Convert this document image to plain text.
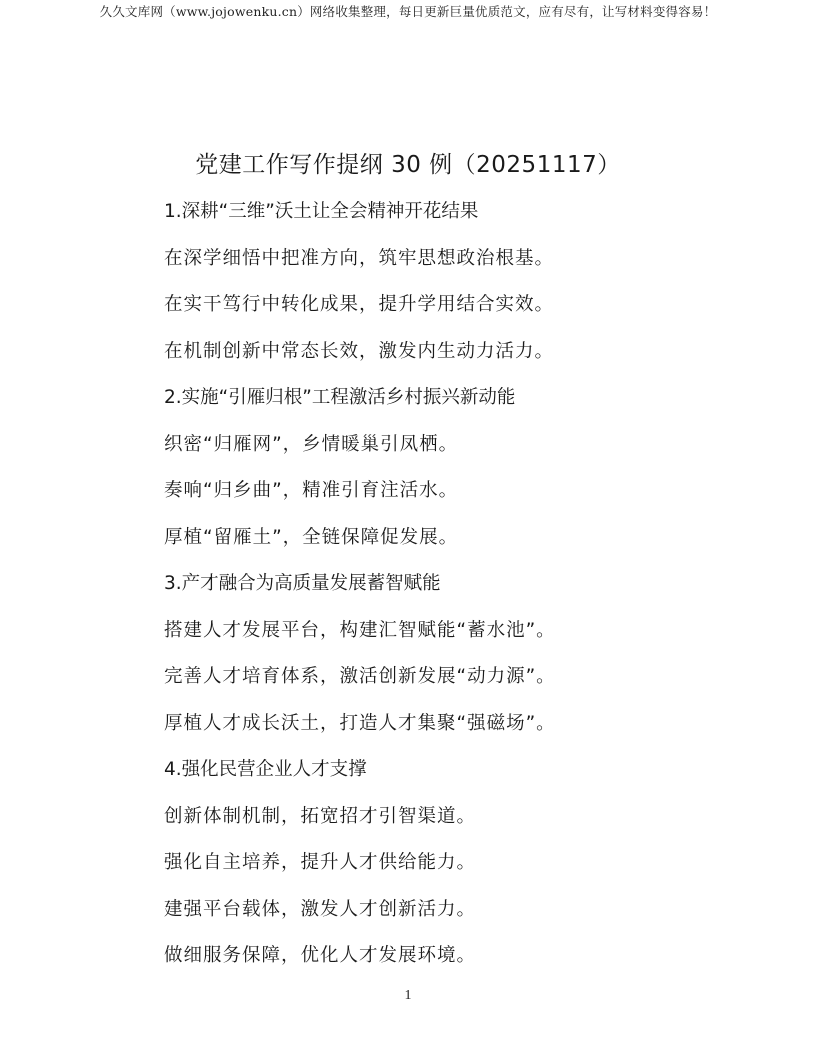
久久文库网（www.jojowenku.cn）网络收集整理，每日更新巨量优质范文，应有尽有，让写材料变得容易！
党建工作写作提纲 30 例（20251117）
1.深耕“三维”沃土让全会精神开花结果
在深学细悟中把准方向，筑牢思想政治根基。
在实干笃行中转化成果，提升学用结合实效。
在机制创新中常态长效，激发内生动力活力。
2.实施“引雁归根”工程激活乡村振兴新动能
织密“归雁网”，乡情暖巢引凤栖。
奏响“归乡曲”，精准引育注活水。
厚植“留雁土”，全链保障促发展。
3.产才融合为高质量发展蓄智赋能
搭建人才发展平台，构建汇智赋能“蓄水池”。
完善人才培育体系，激活创新发展“动力源”。
厚植人才成长沃土，打造人才集聚“强磁场”。
4.强化民营企业人才支撑
创新体制机制，拓宽招才引智渠道。
强化自主培养，提升人才供给能力。
建强平台载体，激发人才创新活力。
做细服务保障，优化人才发展环境。
1
